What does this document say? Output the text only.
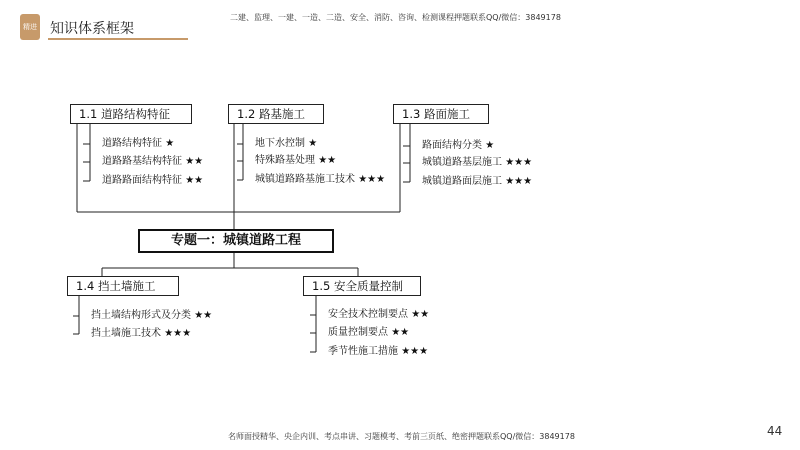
精进 知识体系框架
二建、监理、一建、一造、二造、安全、消防、咨询、检测课程押题联系QQ/微信：3849178
1.1 道路结构特征	1.2 路基施工	1.3 路面施工
1.4 挡土墙施工	1.5 安全质量控制
专题一：城镇道路工程
道路结构特征 ★
道路路基结构特征 ★★
道路路面结构特征 ★★
地下水控制 ★
特殊路基处理 ★★
城镇道路路基施工技术 ★★★
路面结构分类 ★
城镇道路基层施工 ★★★
城镇道路面层施工 ★★★
挡土墙结构形式及分类 ★★
挡土墙施工技术 ★★★
安全技术控制要点 ★★
质量控制要点 ★★
季节性施工措施 ★★★
名师面授精华、央企内训、考点串讲、习题模考、考前三页纸、绝密押题联系QQ/微信：3849178	44
